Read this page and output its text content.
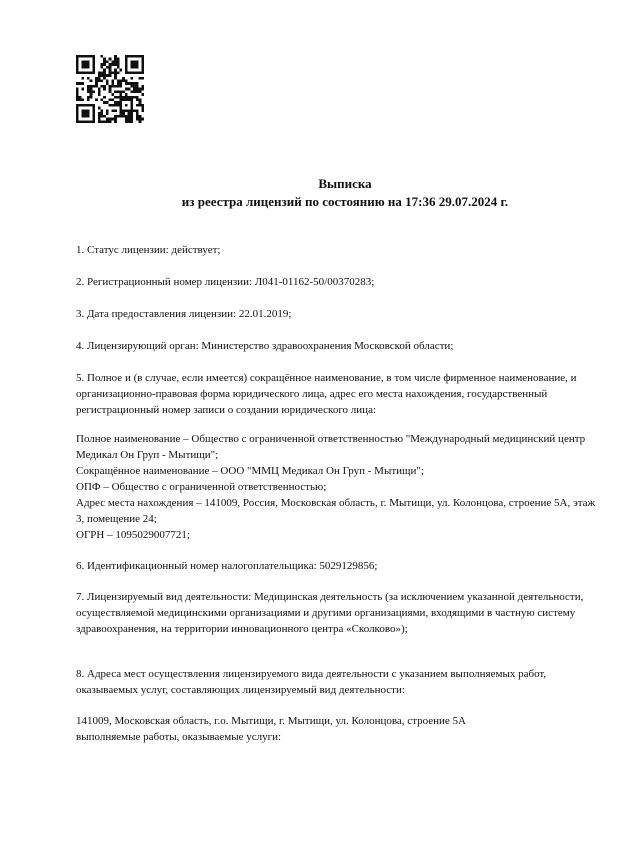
Выписка

из реестра лицензий по состоянию на 17:36 29.07.2024 г.

1. Статус лицензии: действует;

2. Регистрационный номер лицензии: Л041-01162-50/00370283;

3. Дата предоставления лицензии: 22.01.2019;

4. Лицензирующий орган: Министерство здравоохранения Московской области;

5. Полное и (в случае, если имеется) сокращённое наименование, в том числе фирменное наименование, и организационно-правовая форма юридического лица, адрес его места нахождения, государственный регистрационный номер записи о создании юридического лица:

Полное наименование – Общество с ограниченной ответственностью "Международный медицинский центр Медикал Он Груп - Мытищи";

Сокращённое наименование – ООО "ММЦ Медикал Он Груп - Мытищи";

ОПФ – Общество с ограниченной ответственностью;

Адрес места нахождения – 141009, Россия, Московская область, г. Мытищи, ул. Колонцова, строение 5А, этаж 3, помещение 24;

ОГРН – 1095029007721;

6. Идентификационный номер налогоплательщика: 5029129856;

7. Лицензируемый вид деятельности: Медицинская деятельность (за исключением указанной деятельности, осуществляемой медицинскими организациями и другими организациями, входящими в частную систему здравоохранения, на территории инновационного центра «Сколково»);

8. Адреса мест осуществления лицензируемого вида деятельности с указанием выполняемых работ, оказываемых услуг, составляющих лицензируемый вид деятельности:

141009, Московская область, г.о. Мытищи, г. Мытищи, ул. Колонцова, строение 5А

выполняемые работы, оказываемые услуги:
